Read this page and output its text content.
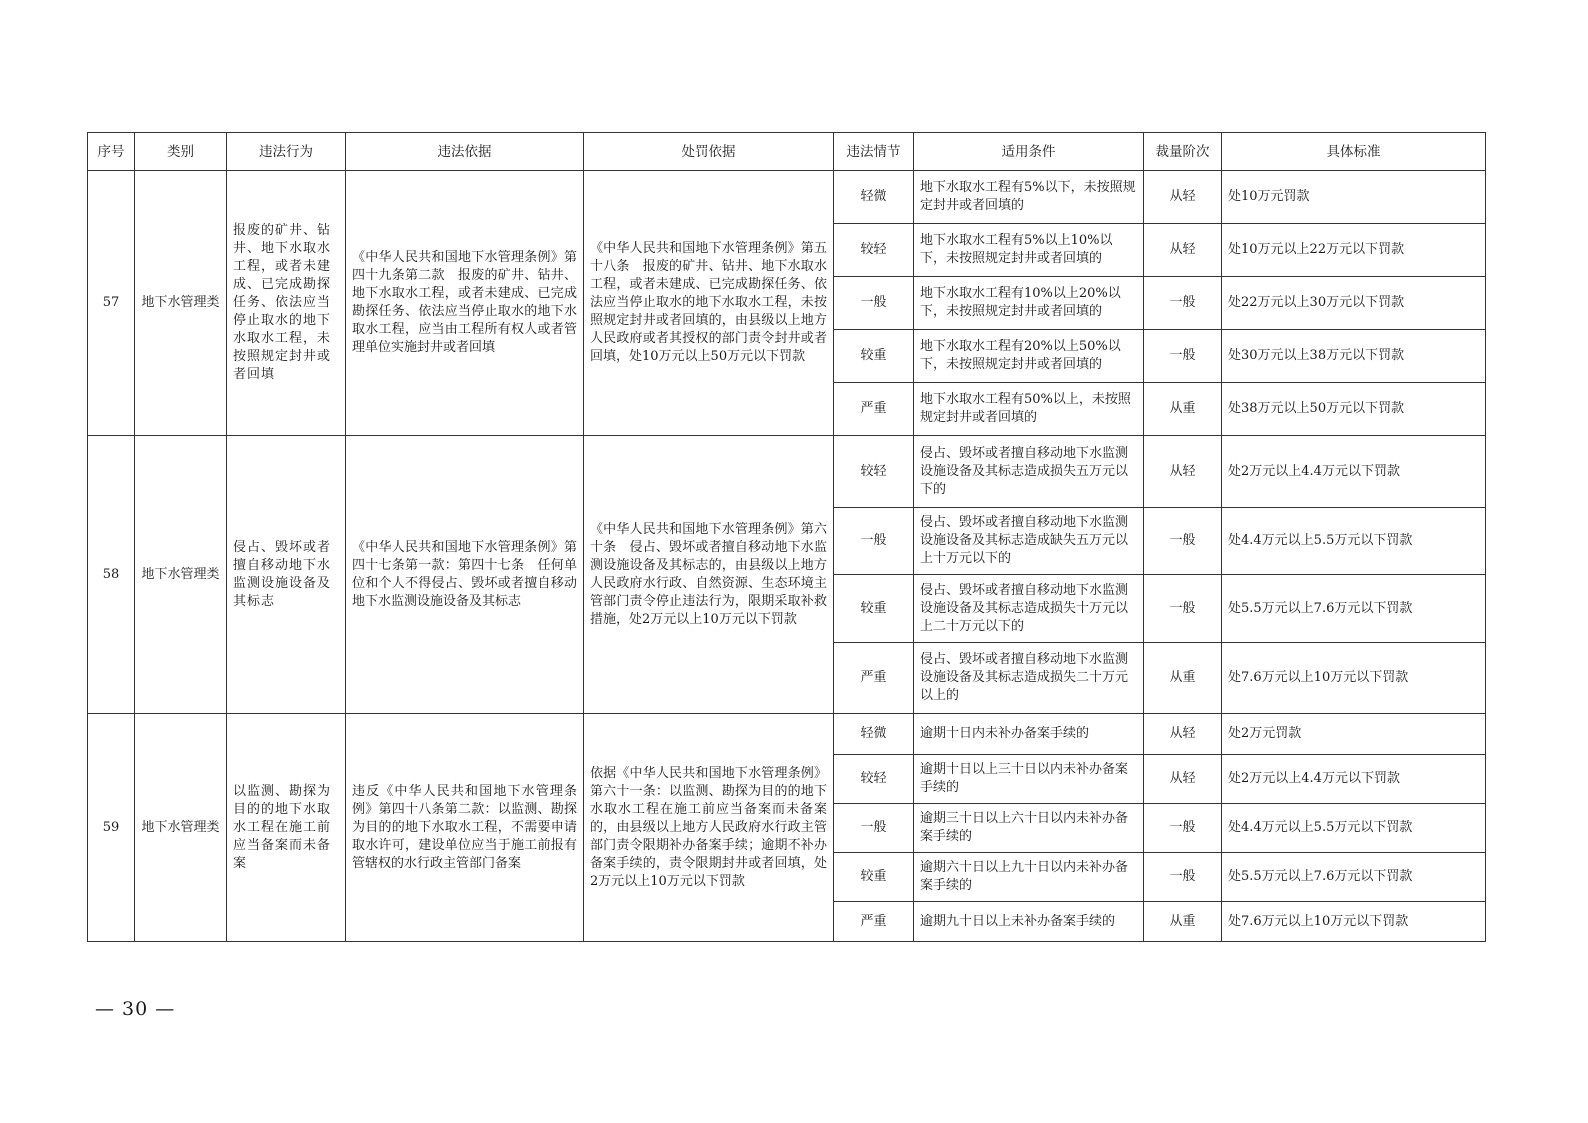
序号	类别	违法行为	违法依据	处罚依据	违法情节	适用条件	裁量阶次	具体标准
57	地下水管理类	报废的矿井、钻井、地下水取水工程，或者未建成、已完成勘探任务、依法应当停止取水的地下水取水工程，未按照规定封井或者回填	《中华人民共和国地下水管理条例》第四十九条第二款　报废的矿井、钻井、地下水取水工程，或者未建成、已完成勘探任务、依法应当停止取水的地下水取水工程，应当由工程所有权人或者管理单位实施封井或者回填	《中华人民共和国地下水管理条例》第五十八条　报废的矿井、钻井、地下水取水工程，或者未建成、已完成勘探任务、依法应当停止取水的地下水取水工程，未按照规定封井或者回填的，由县级以上地方人民政府或者其授权的部门责令封井或者回填，处10万元以上50万元以下罚款	轻微	地下水取水工程有5%以下，未按照规定封井或者回填的	从轻	处10万元罚款
					较轻	地下水取水工程有5%以上10%以下，未按照规定封井或者回填的	从轻	处10万元以上22万元以下罚款
					一般	地下水取水工程有10%以上20%以下，未按照规定封井或者回填的	一般	处22万元以上30万元以下罚款
					较重	地下水取水工程有20%以上50%以下，未按照规定封井或者回填的	一般	处30万元以上38万元以下罚款
					严重	地下水取水工程有50%以上，未按照规定封井或者回填的	从重	处38万元以上50万元以下罚款
58	地下水管理类	侵占、毁坏或者擅自移动地下水监测设施设备及其标志	《中华人民共和国地下水管理条例》第四十七条第一款：第四十七条　任何单位和个人不得侵占、毁坏或者擅自移动地下水监测设施设备及其标志	《中华人民共和国地下水管理条例》第六十条　侵占、毁坏或者擅自移动地下水监测设施设备及其标志的，由县级以上地方人民政府水行政、自然资源、生态环境主管部门责令停止违法行为，限期采取补救措施，处2万元以上10万元以下罚款	较轻	侵占、毁坏或者擅自移动地下水监测设施设备及其标志造成损失五万元以下的	从轻	处2万元以上4.4万元以下罚款
					一般	侵占、毁坏或者擅自移动地下水监测设施设备及其标志造成缺失五万元以上十万元以下的	一般	处4.4万元以上5.5万元以下罚款
					较重	侵占、毁坏或者擅自移动地下水监测设施设备及其标志造成损失十万元以上二十万元以下的	一般	处5.5万元以上7.6万元以下罚款
					严重	侵占、毁坏或者擅自移动地下水监测设施设备及其标志造成损失二十万元以上的	从重	处7.6万元以上10万元以下罚款
59	地下水管理类	以监测、勘探为目的的地下水取水工程在施工前应当备案而未备案	违反《中华人民共和国地下水管理条例》第四十八条第二款：以监测、勘探为目的的地下水取水工程，不需要申请取水许可，建设单位应当于施工前报有管辖权的水行政主管部门备案	依据《中华人民共和国地下水管理条例》第六十一条：以监测、勘探为目的的地下水取水工程在施工前应当备案而未备案的，由县级以上地方人民政府水行政主管部门责令限期补办备案手续；逾期不补办备案手续的，责令限期封井或者回填，处2万元以上10万元以下罚款	轻微	逾期十日内未补办备案手续的	从轻	处2万元罚款
					较轻	逾期十日以上三十日以内未补办备案手续的	从轻	处2万元以上4.4万元以下罚款
					一般	逾期三十日以上六十日以内未补办备案手续的	一般	处4.4万元以上5.5万元以下罚款
					较重	逾期六十日以上九十日以内未补办备案手续的	一般	处5.5万元以上7.6万元以下罚款
					严重	逾期九十日以上未补办备案手续的	从重	处7.6万元以上10万元以下罚款
— 30 —
